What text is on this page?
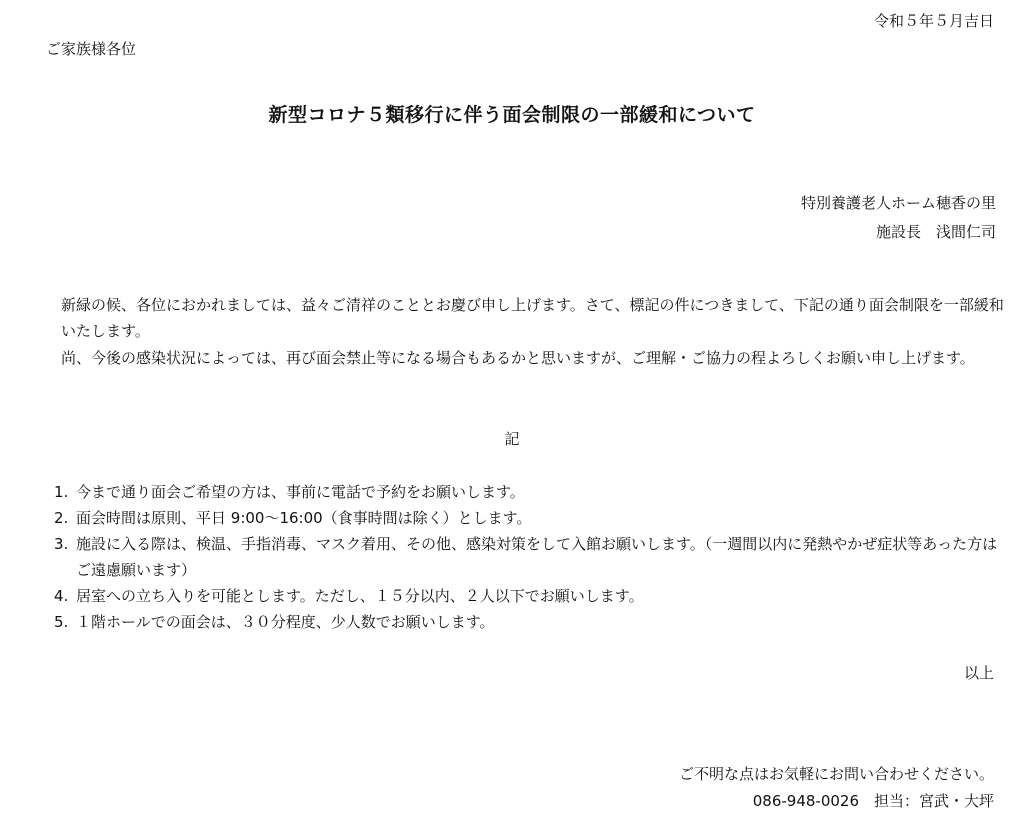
令和５年５月吉日
ご家族様各位
新型コロナ５類移行に伴う面会制限の一部緩和について
特別養護老人ホーム穂香の里
施設長　浅間仁司
新緑の候、各位におかれましては、益々ご清祥のこととお慶び申し上げます。さて、標記の件につきまして、下記の通り面会制限を一部緩和いたします。
尚、今後の感染状況によっては、再び面会禁止等になる場合もあるかと思いますが、ご理解・ご協力の程よろしくお願い申し上げます。
記
1. 今まで通り面会ご希望の方は、事前に電話で予約をお願いします。
2. 面会時間は原則、平日 9:00～16:00（食事時間は除く）とします。
3. 施設に入る際は、検温、手指消毒、マスク着用、その他、感染対策をして入館お願いします。（一週間以内に発熱やかぜ症状等あった方はご遠慮願います）
4. 居室への立ち入りを可能とします。ただし、１５分以内、２人以下でお願いします。
5. １階ホールでの面会は、３０分程度、少人数でお願いします。
以上
ご不明な点はお気軽にお問い合わせください。
086-948-0026　担当：宮武・大坪
